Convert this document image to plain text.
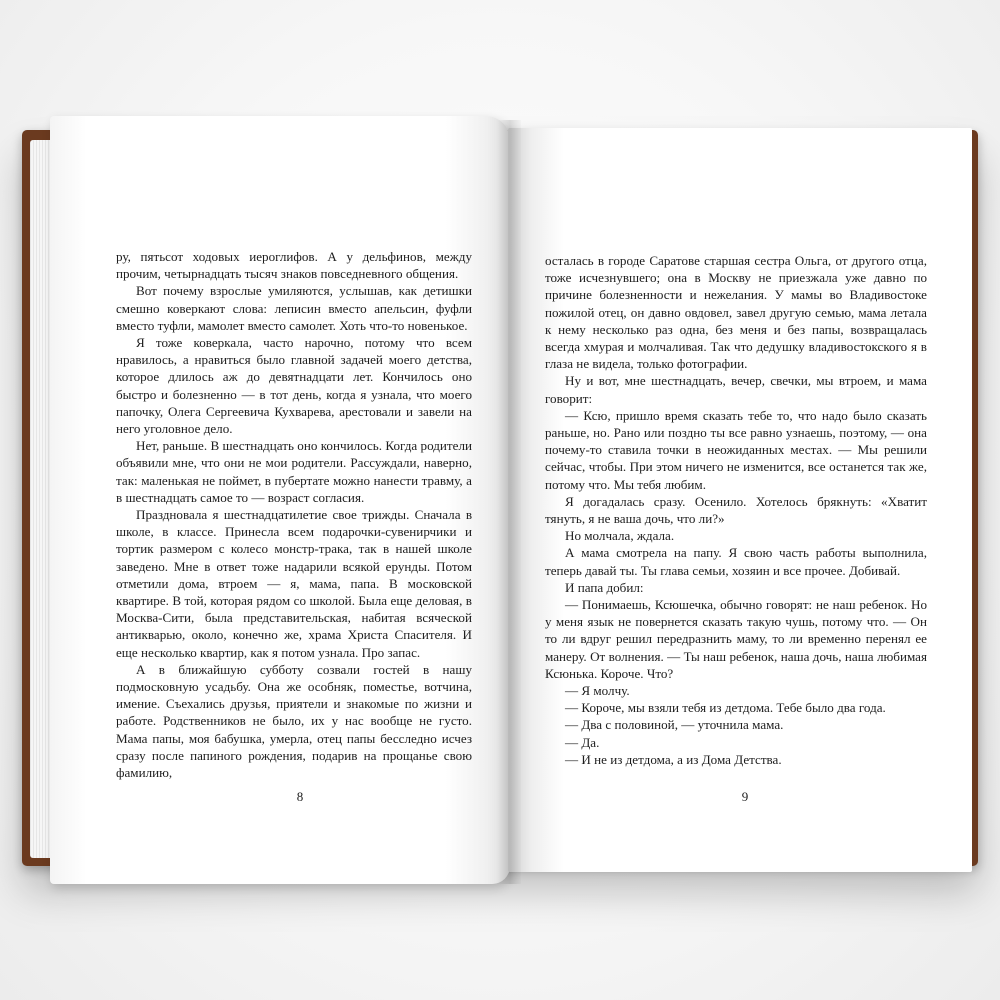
ру, пятьсот ходовых иероглифов. А у дельфинов, между прочим, четырнадцать тысяч знаков повседневного общения.

Вот почему взрослые умиляются, услышав, как детишки смешно коверкают слова: леписин вместо апельсин, фуфли вместо туфли, мамолет вместо самолет. Хоть что-то новенькое.

Я тоже коверкала, часто нарочно, потому что всем нравилось, а нравиться было главной задачей моего детства, которое длилось аж до девятнадцати лет. Кончилось оно быстро и болезненно — в тот день, когда я узнала, что моего папочку, Олега Сергеевича Кухварева, арестовали и завели на него уголовное дело.

Нет, раньше. В шестнадцать оно кончилось. Когда родители объявили мне, что они не мои родители. Рассуждали, наверно, так: маленькая не поймет, в пубертате можно нанести травму, а в шестнадцать самое то — возраст согласия.

Праздновала я шестнадцатилетие свое трижды. Сначала в школе, в классе. Принесла всем подарочки-сувенирчики и тортик размером с колесо монстр-трака, так в нашей школе заведено. Мне в ответ тоже надарили всякой ерунды. Потом отметили дома, втроем — я, мама, папа. В московской квартире. В той, которая рядом со школой. Была еще деловая, в Москва-Сити, была представительская, набитая всяческой антикварью, около, конечно же, храма Христа Спасителя. И еще несколько квартир, как я потом узнала. Про запас.

А в ближайшую субботу созвали гостей в нашу подмосковную усадьбу. Она же особняк, поместье, вотчина, имение. Съехались друзья, приятели и знакомые по жизни и работе. Родственников не было, их у нас вообще не густо. Мама папы, моя бабушка, умерла, отец папы бесследно исчез сразу после папиного рождения, подарив на прощанье свою фамилию,

8

осталась в городе Саратове старшая сестра Ольга, от другого отца, тоже исчезнувшего; она в Москву не приезжала уже давно по причине болезненности и нежелания. У мамы во Владивостоке пожилой отец, он давно овдовел, завел другую семью, мама летала к нему несколько раз одна, без меня и без папы, возвращалась всегда хмурая и молчаливая. Так что дедушку владивостокского я в глаза не видела, только фотографии.

Ну и вот, мне шестнадцать, вечер, свечки, мы втроем, и мама говорит:

— Ксю, пришло время сказать тебе то, что надо было сказать раньше, но. Рано или поздно ты все равно узнаешь, поэтому, — она почему-то ставила точки в неожиданных местах. — Мы решили сейчас, чтобы. При этом ничего не изменится, все останется так же, потому что. Мы тебя любим.

Я догадалась сразу. Осенило. Хотелось брякнуть: «Хватит тянуть, я не ваша дочь, что ли?»

Но молчала, ждала.

А мама смотрела на папу. Я свою часть работы выполнила, теперь давай ты. Ты глава семьи, хозяин и все прочее. Добивай.

И папа добил:

— Понимаешь, Ксюшечка, обычно говорят: не наш ребенок. Но у меня язык не повернется сказать такую чушь, потому что. — Он то ли вдруг решил передразнить маму, то ли временно перенял ее манеру. От волнения. — Ты наш ребенок, наша дочь, наша любимая Ксюнька. Короче. Что?

— Я молчу.

— Короче, мы взяли тебя из детдома. Тебе было два года.

— Два с половиной, — уточнила мама.

— Да.

— И не из детдома, а из Дома Детства.

9
